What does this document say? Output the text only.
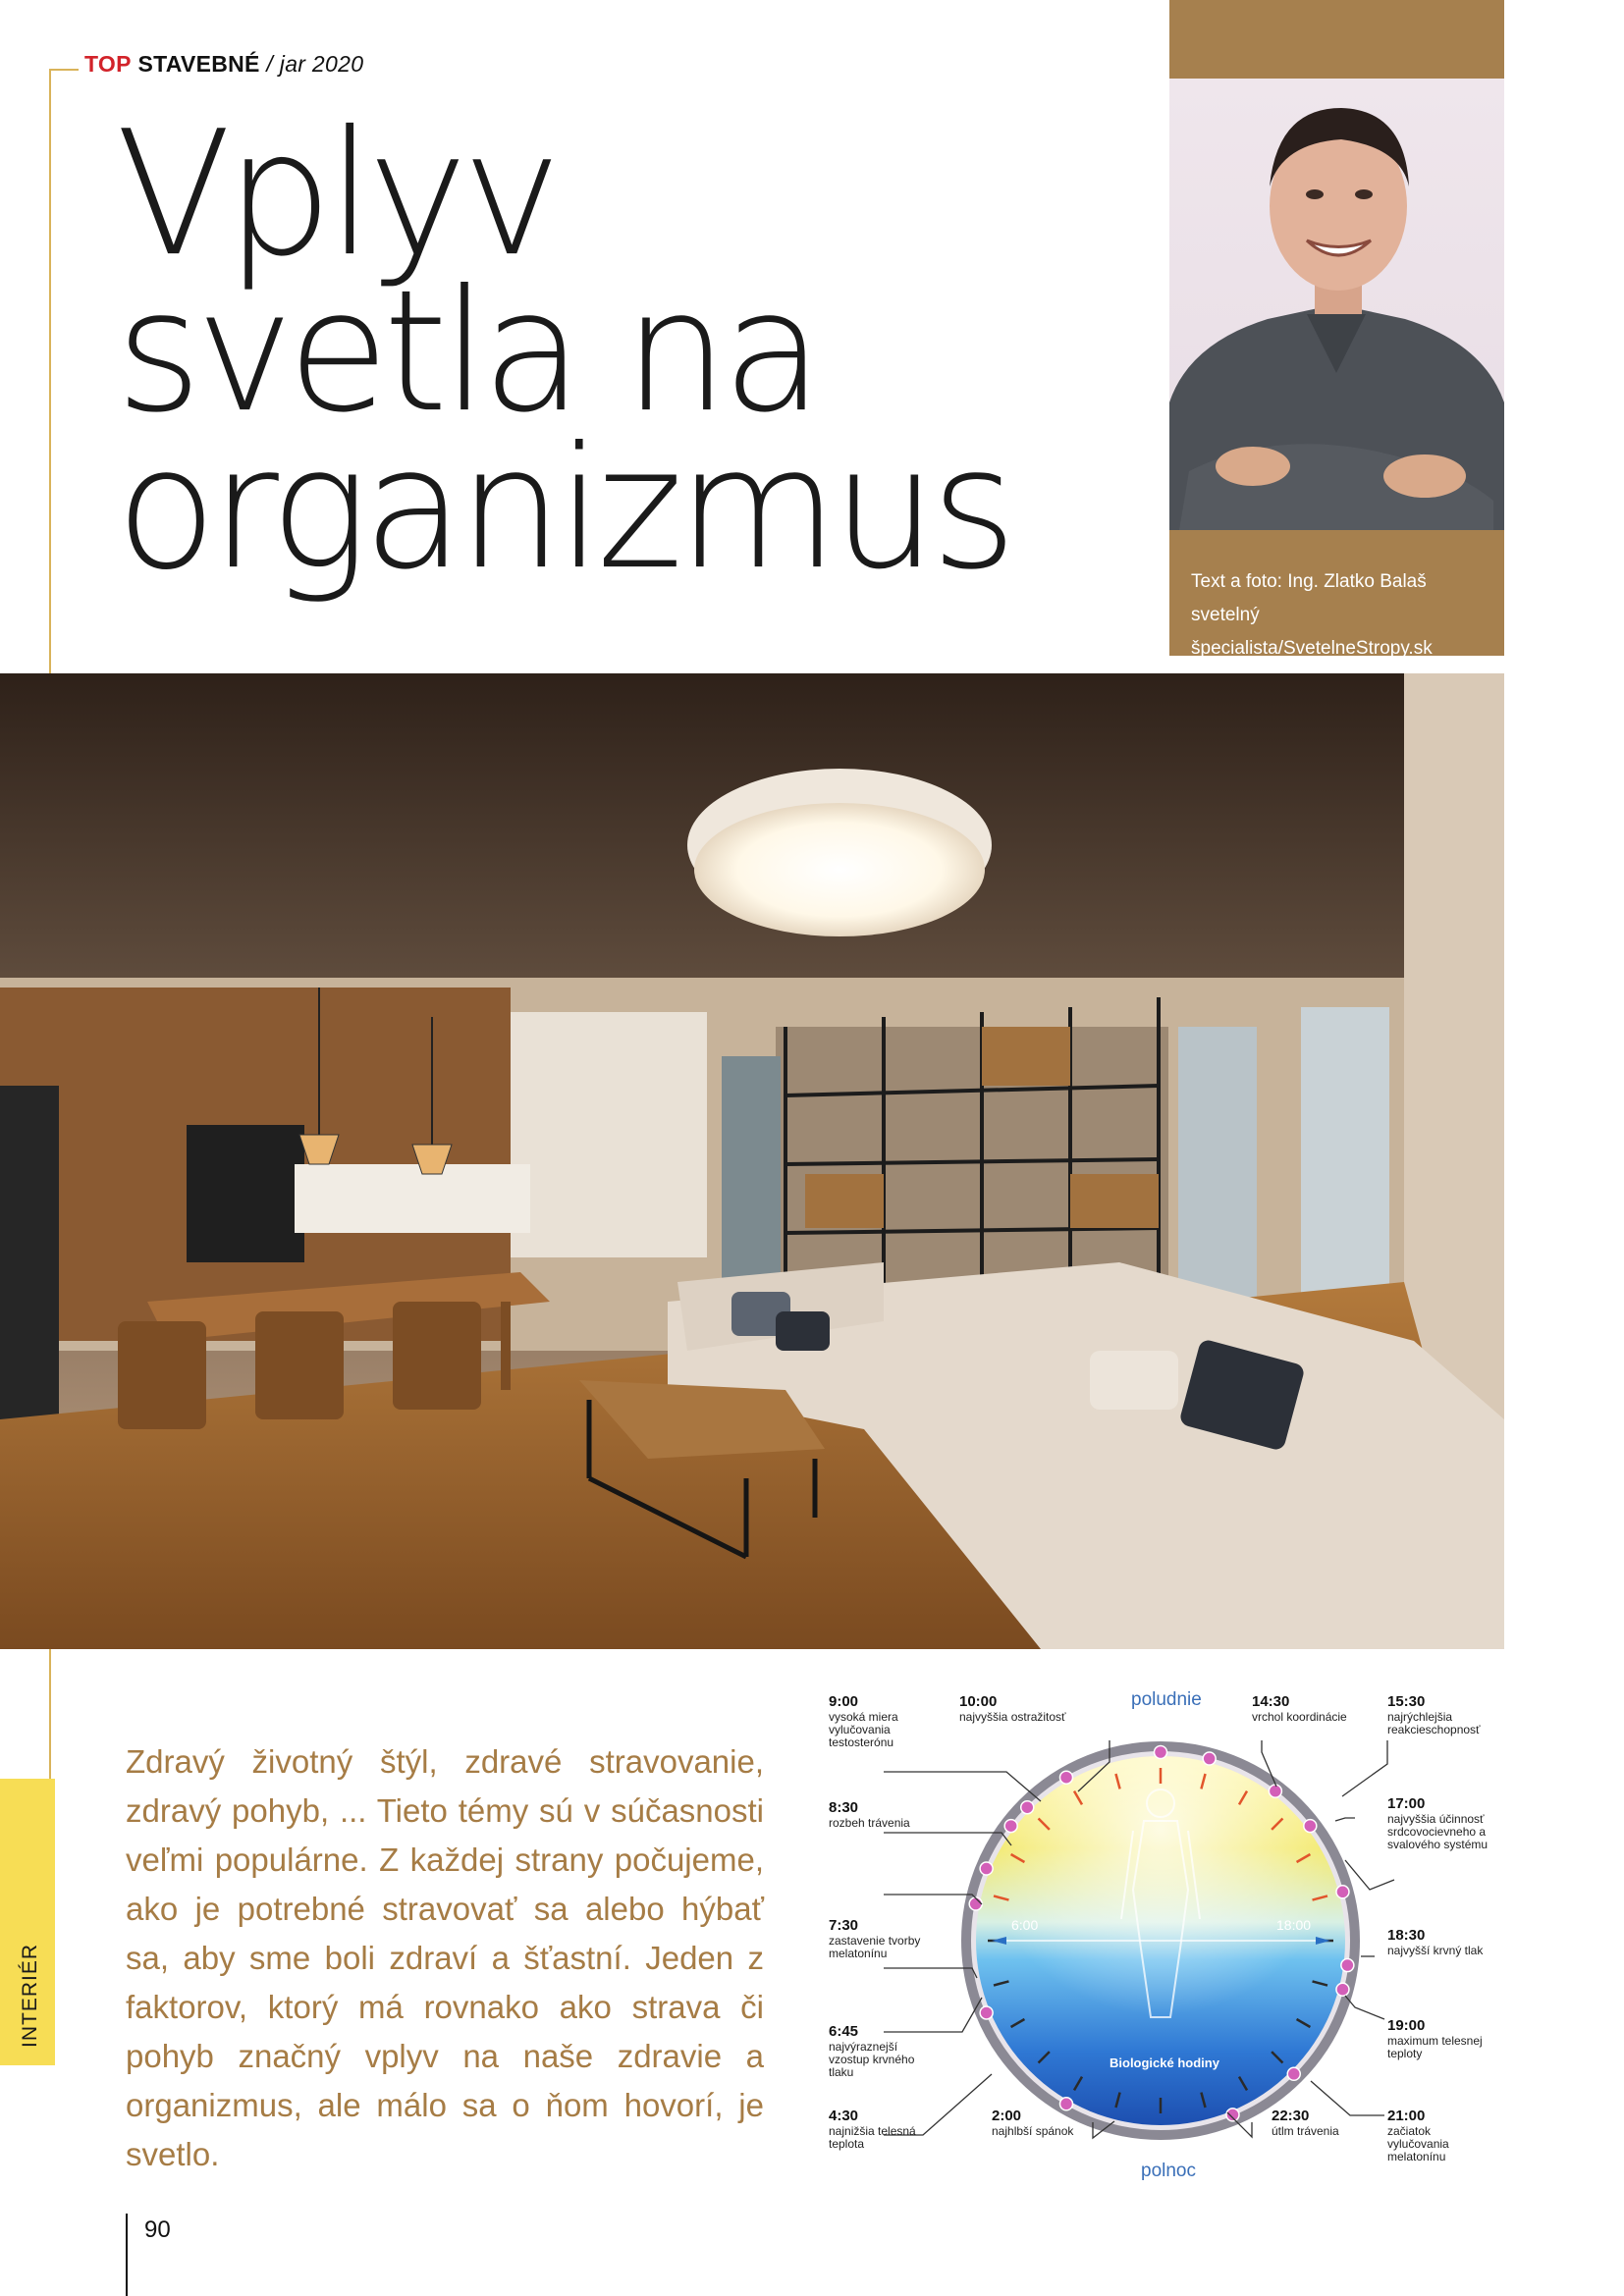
TOP STAVEBNÉ / jar 2020
Vplyv
svetla na
organizmus	Text a foto: Ing. Zlatko Balaš
svetelný špecialista/SvetelneStropy.sk
Zdravý životný štýl, zdravé stravovanie, zdravý pohyb, ... Tieto témy sú v súčasnosti veľmi populárne. Z každej strany počujeme, ako je potrebné stravovať sa alebo hýbať sa, aby sme boli zdraví a šťastní. Jeden z faktorov, ktorý má rovnako ako strava či pohyb značný vplyv na naše zdravie a organizmus, ale málo sa o ňom hovorí, je svetlo.
INTERIÉR
poludnie
polnoc
Biologické hodiny
6:00	18:00
9:00
vysoká miera vylučovania testosterónu
8:30
rozbeh trávenia
7:30
zastavenie tvorby melatonínu
6:45
najvýraznejší vzostup krvného tlaku
4:30
najnižšia telesná teplota
10:00
najvyššia ostražitosť
14:30
vrchol koordinácie
15:30
najrýchlejšia reakcieschopnosť
17:00
najvyššia účinnosť srdcovocievneho a svalového systému
18:30
najvyšší krvný tlak
19:00
maximum telesnej teploty
21:00
začiatok vylučovania melatonínu
2:00
najhlbší spánok
22:30
útlm trávenia
90
